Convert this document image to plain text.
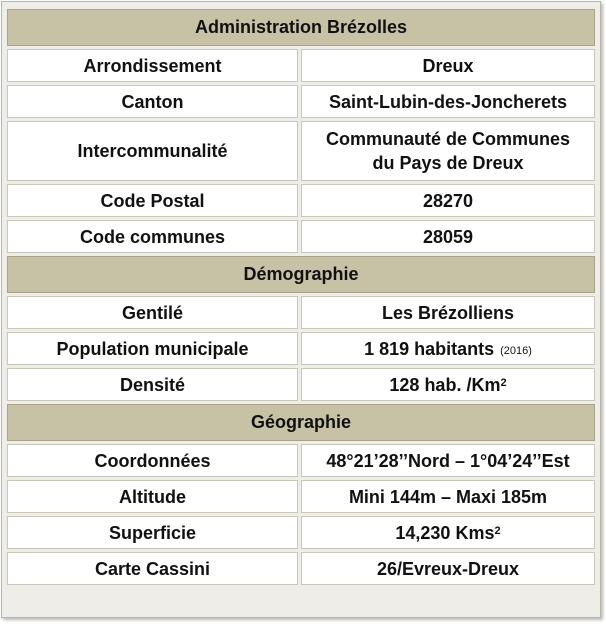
Administration Brézolles	

Arrondissement	Dreux

Canton	Saint-Lubin-des-Joncherets

Intercommunalité	Communauté de Communes
du Pays de Dreux

Code Postal	28270

Code communes	28059

Démographie	

Gentilé	Les Brézolliens

Population municipale	1 819 habitants (2016)

Densité	128 hab. /Km$^2$

Géographie	

Coordonnées	48°21’28’’Nord – 1°04’24’’Est

Altitude	Mini 144m – Maxi 185m

Superficie	14,230 Kms$^2$

Carte Cassini	26/Evreux-Dreux
